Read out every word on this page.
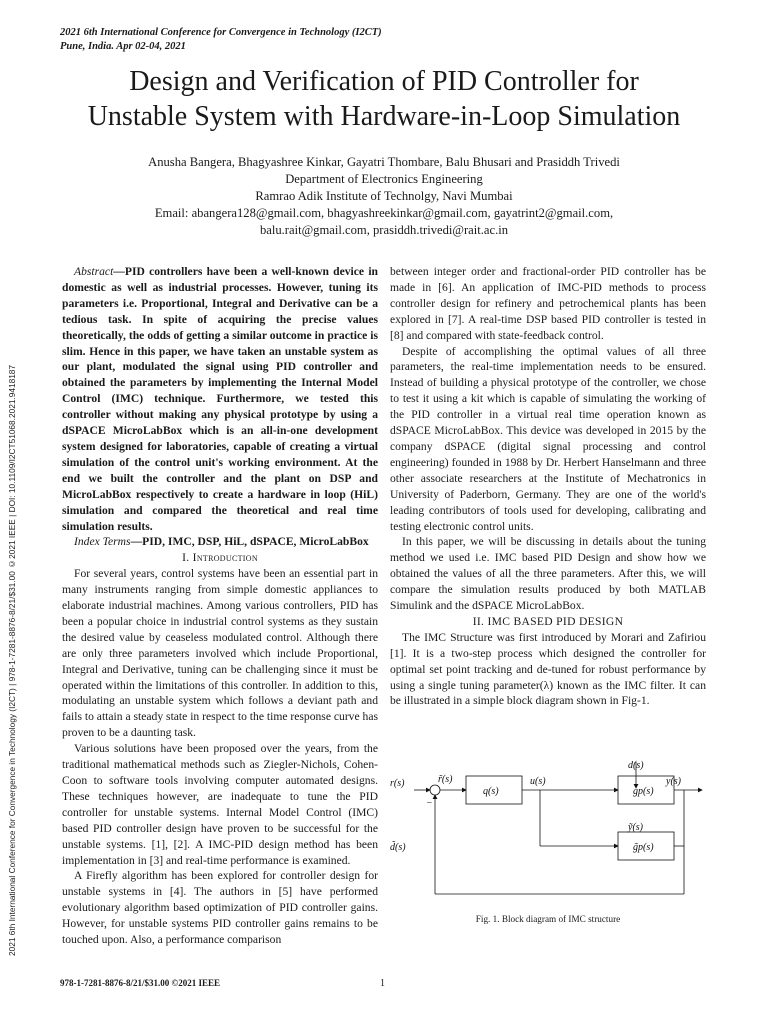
2021 6th International Conference for Convergence in Technology (I2CT)
Pune, India. Apr 02-04, 2021
Design and Verification of PID Controller for
Unstable System with Hardware-in-Loop Simulation
Anusha Bangera, Bhagyashree Kinkar, Gayatri Thombare, Balu Bhusari and Prasiddh Trivedi
Department of Electronics Engineering
Ramrao Adik Institute of Technolgy, Navi Mumbai
Email: abangera128@gmail.com, bhagyashreekinkar@gmail.com, gayatrint2@gmail.com,
balu.rait@gmail.com, prasiddh.trivedi@rait.ac.in
2021 6th International Conference for Convergence in Technology (I2CT) | 978-1-7281-8876-8/21/$31.00 ©2021 IEEE | DOI: 10.1109/I2CT51068.2021.9418187

Abstract—PID controllers have been a well-known device in domestic as well as industrial processes. However, tuning its parameters i.e. Proportional, Integral and Derivative can be a tedious task. In spite of acquiring the precise values theoretically, the odds of getting a similar outcome in practice is slim. Hence in this paper, we have taken an unstable system as our plant, modulated the signal using PID controller and obtained the parameters by implementing the Internal Model Control (IMC) technique. Furthermore, we tested this controller without making any physical prototype by using a dSPACE MicroLabBox which is an all-in-one development system designed for laboratories, capable of creating a virtual simulation of the control unit's working environment. At the end we built the controller and the plant on DSP and MicroLabBox respectively to create a hardware in loop (HiL) simulation and compared the theoretical and real time simulation results.

Index Terms—PID, IMC, DSP, HiL, dSPACE, MicroLabBox

I. Introduction

For several years, control systems have been an essential part in many instruments ranging from simple domestic appliances to elaborate industrial machines. Among various controllers, PID has been a popular choice in industrial control systems as they sustain the desired value by ceaseless modulated control. Although there are only three parameters involved which include Proportional, Integral and Derivative, tuning can be challenging since it must be operated within the limitations of this controller. In addition to this, modulating an unstable system which follows a deviant path and fails to attain a steady state in respect to the time response curve has proven to be a daunting task.

Various solutions have been proposed over the years, from the traditional mathematical methods such as Ziegler-Nichols, Cohen-Coon to software tools involving computer automated designs. These techniques however, are inadequate to tune the PID controller for unstable systems. Internal Model Control (IMC) based PID controller design have proven to be successful for the unstable systems. [1], [2]. A IMC-PID design method has been implementation in [3] and real-time performance is examined.

A Firefly algorithm has been explored for controller design for unstable systems in [4]. The authors in [5] have performed evolutionary algorithm based optimization of PID controller gains. However, for unstable systems PID controller gains remains to be touched upon. Also, a performance comparison

between integer order and fractional-order PID controller has be made in [6]. An application of IMC-PID methods to process controller design for refinery and petrochemical plants has been explored in [7]. A real-time DSP based PID controller is tested in [8] and compared with state-feedback control.

Despite of accomplishing the optimal values of all three parameters, the real-time implementation needs to be ensured. Instead of building a physical prototype of the controller, we chose to test it using a kit which is capable of simulating the working of the PID controller in a virtual real time operation known as dSPACE MicroLabBox. This device was developed in 2015 by the company dSPACE (digital signal processing and control engineering) founded in 1988 by Dr. Herbert Hanselmann and three other associate researchers at the Institute of Mechatronics in University of Paderborn, Germany. They are one of the world's leading contributors of tools used for developing, calibrating and testing electronic control units.

In this paper, we will be discussing in details about the tuning method we used i.e. IMC based PID Design and show how we obtained the values of all the three parameters. After this, we will compare the simulation results produced by both MATLAB Simulink and the dSPACE MicroLabBox.

II. IMC BASED PID DESIGN

The IMC Structure was first introduced by Morari and Zafiriou [1]. It is a two-step process which designed the controller for optimal set point tracking and de-tuned for robust performance by using a single tuning parameter(λ) known as the IMC filter. It can be illustrated in a simple block diagram shown in Fig-1.

r(s)	r̃(s)
−
q(s)
u(s)
gp(s)
d(s)
y(s)
g̃p(s)
ỹ(s)
d̃(s)
Fig. 1. Block diagram of IMC structure
978-1-7281-8876-8/21/$31.00 ©2021 IEEE	1
